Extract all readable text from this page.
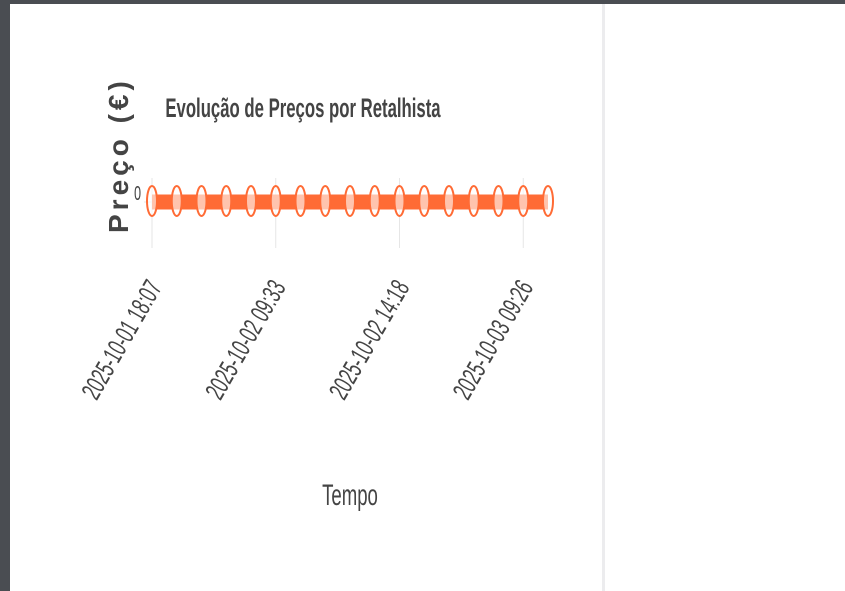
Evolução de Preços por Retalhista
Preço (€) 0
2025-10-01 18:07 2025-10-02 09:33 2025-10-02 14:18 2025-10-03 09:26
Tempo
